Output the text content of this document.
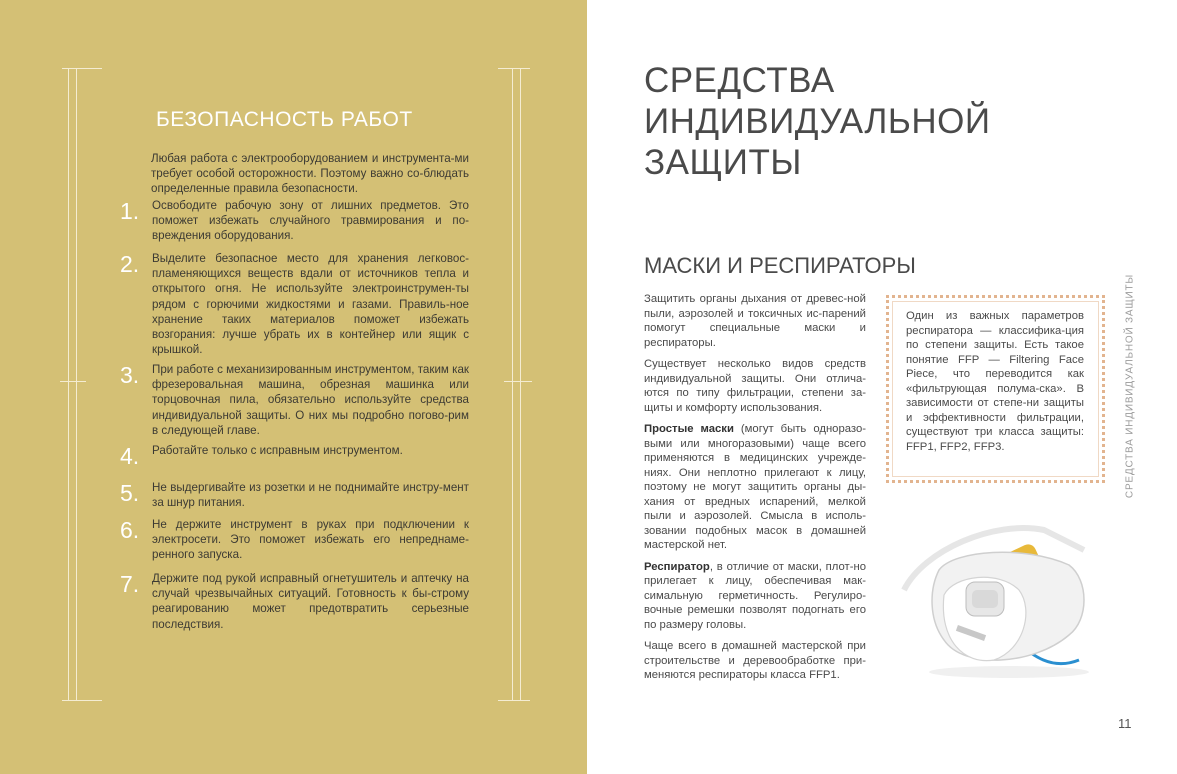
БЕЗОПАСНОСТЬ РАБОТ
Любая работа с электрооборудованием и инструмента-ми требует особой осторожности. Поэтому важно со-блюдать определенные правила безопасности.
1.	Освободите рабочую зону от лишних предметов. Это поможет избежать случайного травмирования и по-вреждения оборудования.
2.	Выделите безопасное место для хранения легковос-пламеняющихся веществ вдали от источников тепла и открытого огня. Не используйте электроинструмен-ты рядом с горючими жидкостями и газами. Правиль-ное хранение таких материалов поможет избежать возгорания: лучше убрать их в контейнер или ящик с крышкой.
3.	При работе с механизированным инструментом, таким как фрезеровальная машина, обрезная машинка или торцовочная пила, обязательно используйте средства индивидуальной защиты. О них мы подробно погово-рим в следующей главе.
4.	Работайте только с исправным инструментом.
5.	Не выдергивайте из розетки и не поднимайте инстру-мент за шнур питания.
6.	Не держите инструмент в руках при подключении к электросети. Это поможет избежать его непреднаме-ренного запуска.
7.	Держите под рукой исправный огнетушитель и аптечку на случай чрезвычайных ситуаций. Готовность к бы-строму реагированию может предотвратить серьезные последствия.
СРЕДСТВА
ИНДИВИДУАЛЬНОЙ
ЗАЩИТЫ
МАСКИ И РЕСПИРАТОРЫ

Защитить органы дыхания от древес-ной пыли, аэрозолей и токсичных ис-парений помогут специальные маски и респираторы.

Существует несколько видов средств индивидуальной защиты. Они отлича-ются по типу фильтрации, степени за-щиты и комфорту использования.

Простые маски (могут быть одноразо-выми или многоразовыми) чаще всего применяются в медицинских учрежде-ниях. Они неплотно прилегают к лицу, поэтому не могут защитить органы ды-хания от вредных испарений, мелкой пыли и аэрозолей. Смысла в исполь-зовании подобных масок в домашней мастерской нет.

Респиратор, в отличие от маски, плот-но прилегает к лицу, обеспечивая мак-симальную герметичность. Регулиро-вочные ремешки позволят подогнать его по размеру головы.

Чаще всего в домашней мастерской при строительстве и деревообработке при-меняются респираторы класса FFP1.

Один из важных параметров респиратора — классифика-ция по степени защиты. Есть такое понятие FFP — Filtering Face Piece, что переводится как «фильтрующая полума-ска». В зависимости от степе-ни защиты и эффективности фильтрации, существуют три класса защиты: FFP1, FFP2, FFP3.	СРЕДСТВА ИНДИВИДУАЛЬНОЙ ЗАЩИТЫ
11
